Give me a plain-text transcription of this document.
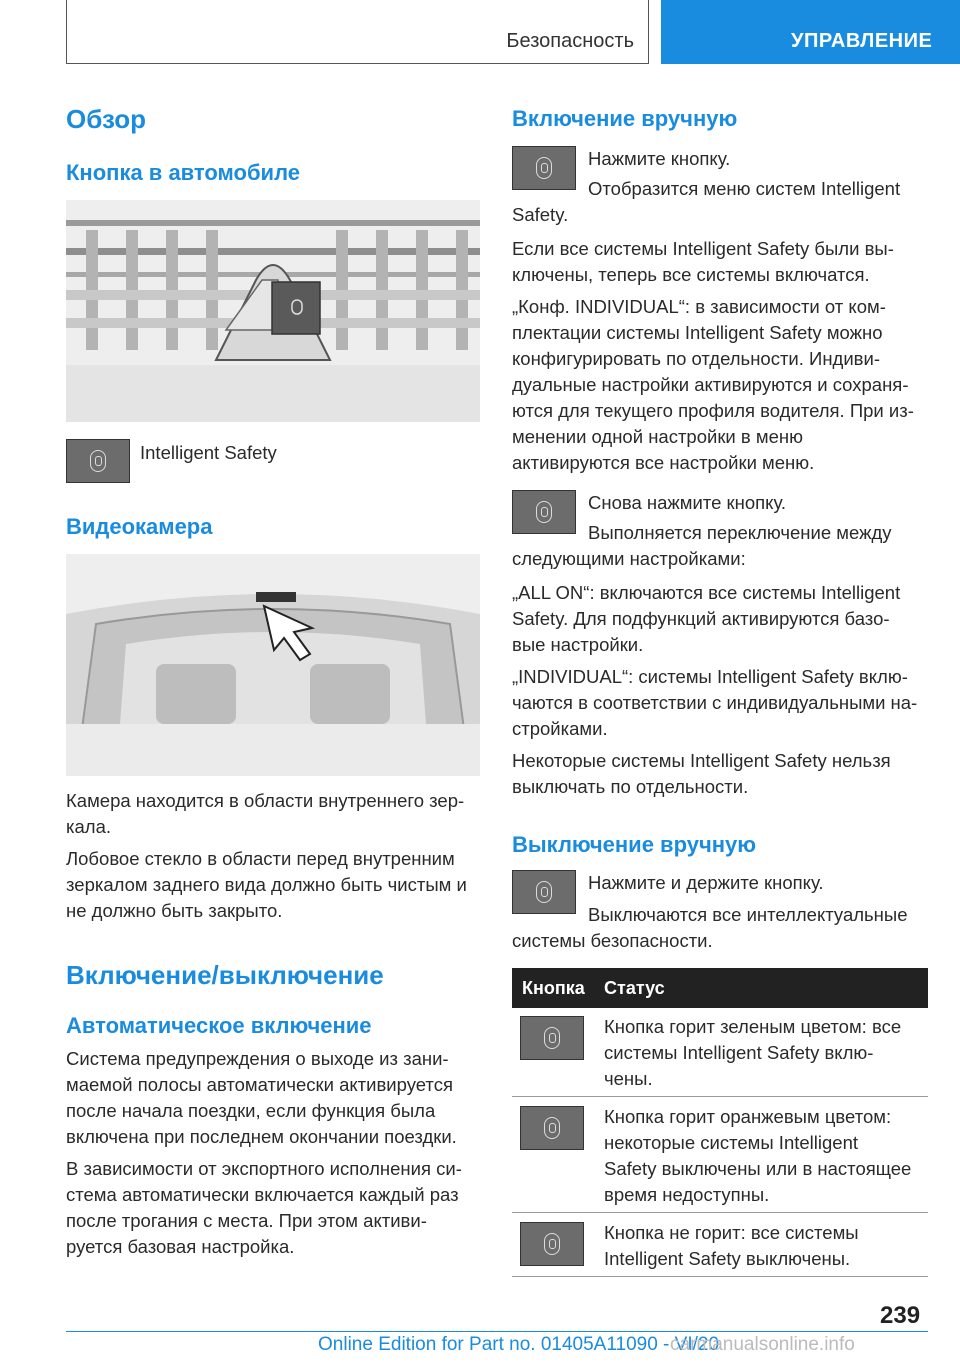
Безопасность	УПРАВЛЕНИЕ
Обзор
Кнопка в автомобиле
Intelligent Safety
Видеокамера
Камера находится в области внутреннего зер‐
кала.
Лобовое стекло в области перед внутренним
зеркалом заднего вида должно быть чистым и
не должно быть закрыто.
Включение/выключение
Автоматическое включение
Система предупреждения о выходе из зани‐
маемой полосы автоматически активируется
после начала поездки, если функция была
включена при последнем окончании поездки.
В зависимости от экспортного исполнения си‐
стема автоматически включается каждый раз
после трогания с места. При этом активи‐
руется базовая настройка.
Включение вручную
Нажмите кнопку.
Отобразится меню систем Intelligent
Safety.
Если все системы Intelligent Safety были вы‐
ключены, теперь все системы включатся.
„Конф. INDIVIDUAL“: в зависимости от ком‐
плектации системы Intelligent Safety можно
конфигурировать по отдельности. Индиви‐
дуальные настройки активируются и сохраня‐
ются для текущего профиля водителя. При из‐
менении одной настройки в меню
активируются все настройки меню.
Снова нажмите кнопку.
Выполняется переключение между
следующими настройками:
„ALL ON“: включаются все системы Intelligent
Safety. Для подфункций активируются базо‐
вые настройки.
„INDIVIDUAL“: системы Intelligent Safety вклю‐
чаются в соответствии с индивидуальными на‐
стройками.
Некоторые системы Intelligent Safety нельзя
выключать по отдельности.
Выключение вручную
Нажмите и держите кнопку.
Выключаются все интеллектуальные
системы безопасности.
Кнопка Статус
Кнопка горит зеленым цветом: все
системы Intelligent Safety вклю‐
чены.
Кнопка горит оранжевым цветом:
некоторые системы Intelligent
Safety выключены или в настоящее
время недоступны.
Кнопка не горит: все системы
Intelligent Safety выключены.
239
Online Edition for Part no. 01405A11090 - VI/20
carmanualsonline.info
